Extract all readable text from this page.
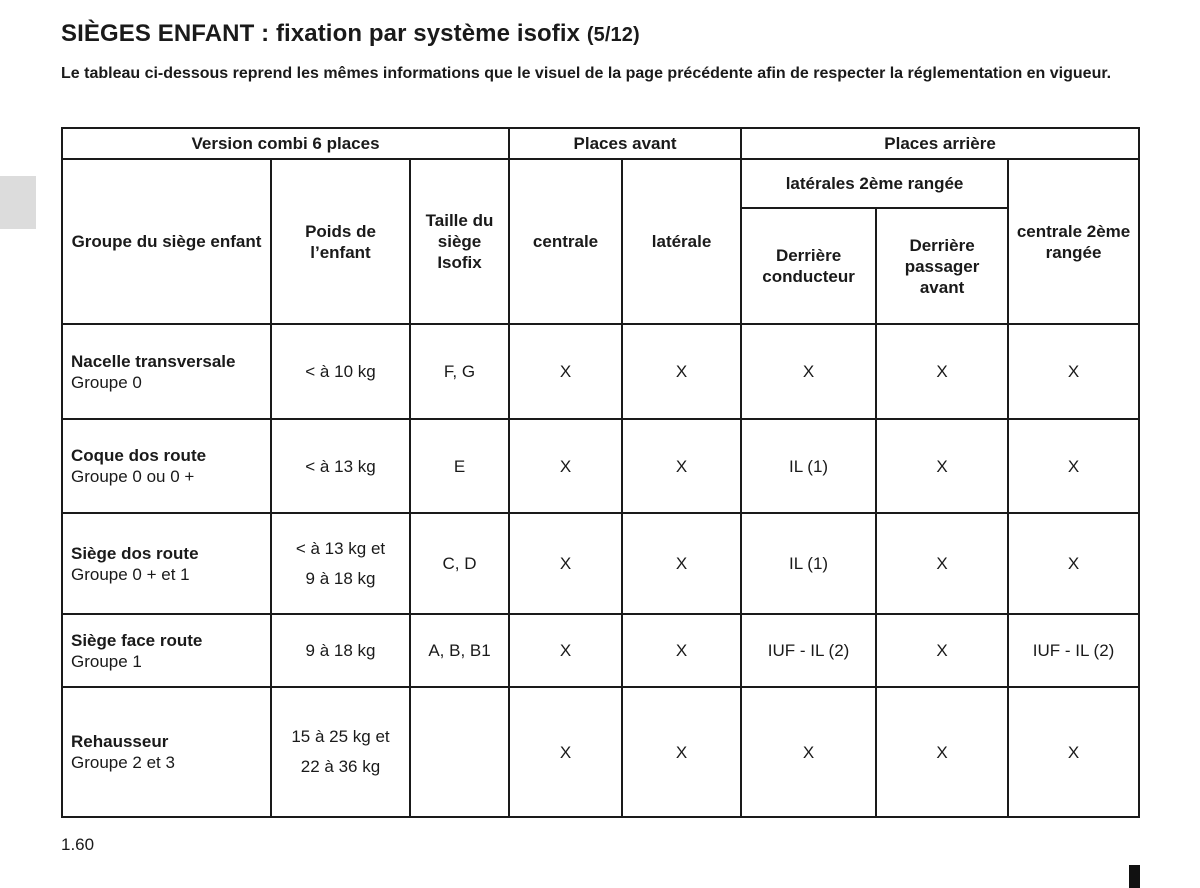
SIÈGES ENFANT : fixation par système isofix (5/12)
Le tableau ci-dessous reprend les mêmes informations que le visuel de la page précédente afin de respecter la réglementation en vigueur.
Version combi 6 places			Places avant		Places arrière		
Groupe du siège enfant	Poids de l’enfant	Taille du siège Isofix	centrale	latérale	latérales 2ème rangée		centrale 2ème rangée
					Derrière conducteur	Derrière passager avant	

Nacelle transversale
Groupe 0	< à 10 kg	F, G	X	X	X	X	X

Coque dos route
Groupe 0 ou 0 +	< à 13 kg	E	X	X	IL (1)	X	X

Siège dos route
Groupe 0 + et 1	< à 13 kg et
9 à 18 kg	C, D	X	X	IL (1)	X	X

Siège face route
Groupe 1	9 à 18 kg	A, B, B1	X	X	IUF - IL (2)	X	IUF - IL (2)

Rehausseur
Groupe 2 et 3	15 à 25 kg et
22 à 36 kg		X	X	X	X	X
1.60
